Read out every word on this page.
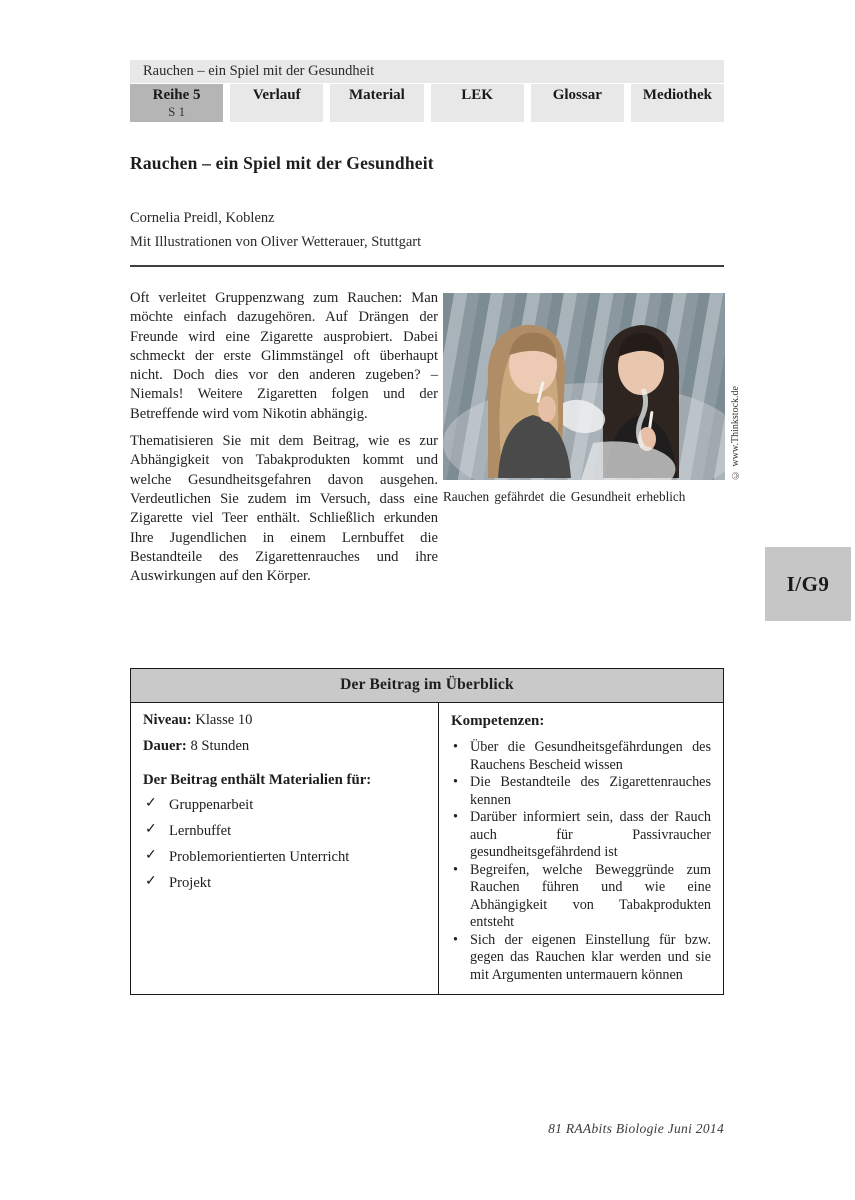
Rauchen – ein Spiel mit der Gesundheit
Reihe 5
S 1
Verlauf	Material	LEK	Glossar	Mediothek
Rauchen – ein Spiel mit der Gesundheit
Cornelia Preidl, Koblenz
Mit Illustrationen von Oliver Wetterauer, Stuttgart

Oft verleitet Gruppenzwang zum Rauchen: Man möchte einfach dazugehören. Auf Drängen der Freunde wird eine Zigarette ausprobiert. Dabei schmeckt der erste Glimmstängel oft überhaupt nicht. Doch dies vor den anderen zugeben? – Niemals! Weitere Zigaretten folgen und der Betreffende wird vom Nikotin abhängig.

Thematisieren Sie mit dem Beitrag, wie es zur Abhängigkeit von Tabakprodukten kommt und welche Gesundheitsgefahren davon ausgehen. Verdeutlichen Sie zudem im Versuch, dass eine Zigarette viel Teer enthält. Schließlich erkunden Ihre Jugendlichen in einem Lernbuffet die Bestandteile des Zigarettenrauches und ihre Auswirkungen auf den Körper.

Rauchen gefährdet die Gesundheit erheblich
© www.Thinkstock.de
I/G9
Der Beitrag im Überblick

Niveau: Klasse 10

Dauer: 8 Stunden

Der Beitrag enthält Materialien für:
✓ Gruppenarbeit
✓ Lernbuffet
✓ Problemorientierten Unterricht
✓ Projekt
Kompetenzen:
• Über die Gesundheitsgefährdungen des Rauchens Bescheid wissen
• Die Bestandteile des Zigarettenrauches kennen
• Darüber informiert sein, dass der Rauch auch für Passivraucher gesundheitsgefährdend ist
• Begreifen, welche Beweggründe zum Rauchen führen und wie eine Abhängigkeit von Tabakprodukten entsteht
• Sich der eigenen Einstellung für bzw. gegen das Rauchen klar werden und sie mit Argumenten untermauern können
81 RAAbits Biologie Juni 2014
